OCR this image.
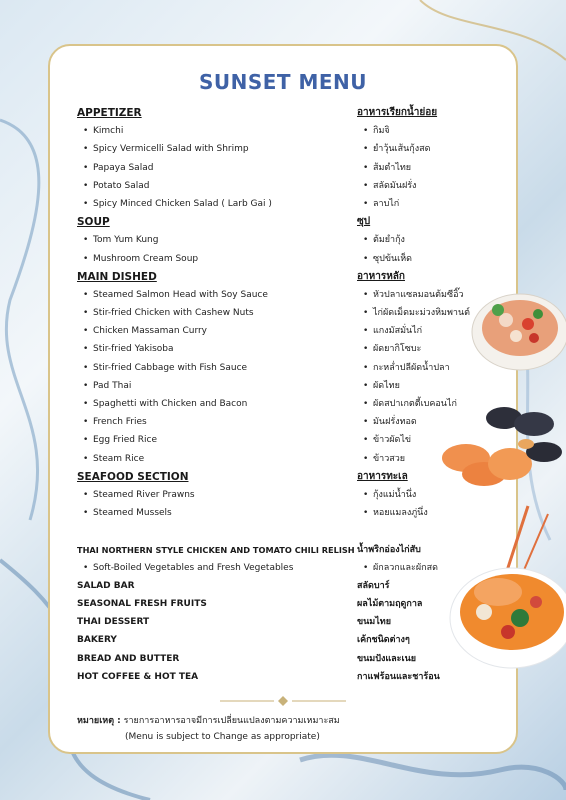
SUNSET MENU
APPETIZER
• Kimchi
• Spicy Vermicelli Salad with Shrimp
• Papaya Salad
• Potato Salad
• Spicy Minced Chicken Salad ( Larb Gai )
SOUP
• Tom Yum Kung
• Mushroom Cream Soup
MAIN DISHED
• Steamed Salmon Head with Soy Sauce
• Stir-fried Chicken with Cashew Nuts
• Chicken Massaman Curry
• Stir-fried Yakisoba
• Stir-fried Cabbage with Fish Sauce
• Pad Thai
• Spaghetti with Chicken and Bacon
• French Fries
• Egg Fried Rice
• Steam Rice
SEAFOOD SECTION
• Steamed River Prawns
• Steamed Mussels
THAI NORTHERN STYLE CHICKEN AND TOMATO CHILI RELISH
• Soft-Boiled Vegetables and Fresh Vegetables
SALAD BAR
SEASONAL FRESH FRUITS
THAI DESSERT
BAKERY
BREAD AND BUTTER
HOT COFFEE & HOT TEA
อาหารเรียกน้ำย่อย
• กิมจิ
• ยำวุ้นเส้นกุ้งสด
• ส้มตำไทย
• สลัดมันฝรั่ง
• ลาบไก่
ซุป
• ต้มยำกุ้ง
• ซุปข้นเห็ด
อาหารหลัก
• หัวปลาแซลมอนต้มซีอิ๊ว
• ไก่ผัดเม็ดมะม่วงหิมพานต์
• แกงมัสมั่นไก่
• ผัดยากิโซบะ
• กะหล่ำปลีผัดน้ำปลา
• ผัดไทย
• ผัดสปาเกตตี้เบคอนไก่
• มันฝรั่งทอด
• ข้าวผัดไข่
• ข้าวสวย
อาหารทะเล
• กุ้งแม่น้ำนึ่ง
• หอยแมลงภู่นึ่ง
น้ำพริกอ่องไก่สับ
• ผักลวกและผักสด
สลัดบาร์
ผลไม้ตามฤดูกาล
ขนมไทย
เค้กชนิดต่างๆ
ขนมปังและเนย
กาแฟร้อนและชาร้อน
หมายเหตุ : รายการอาหารอาจมีการเปลี่ยนแปลงตามความเหมาะสม
(Menu is subject to Change as appropriate)
